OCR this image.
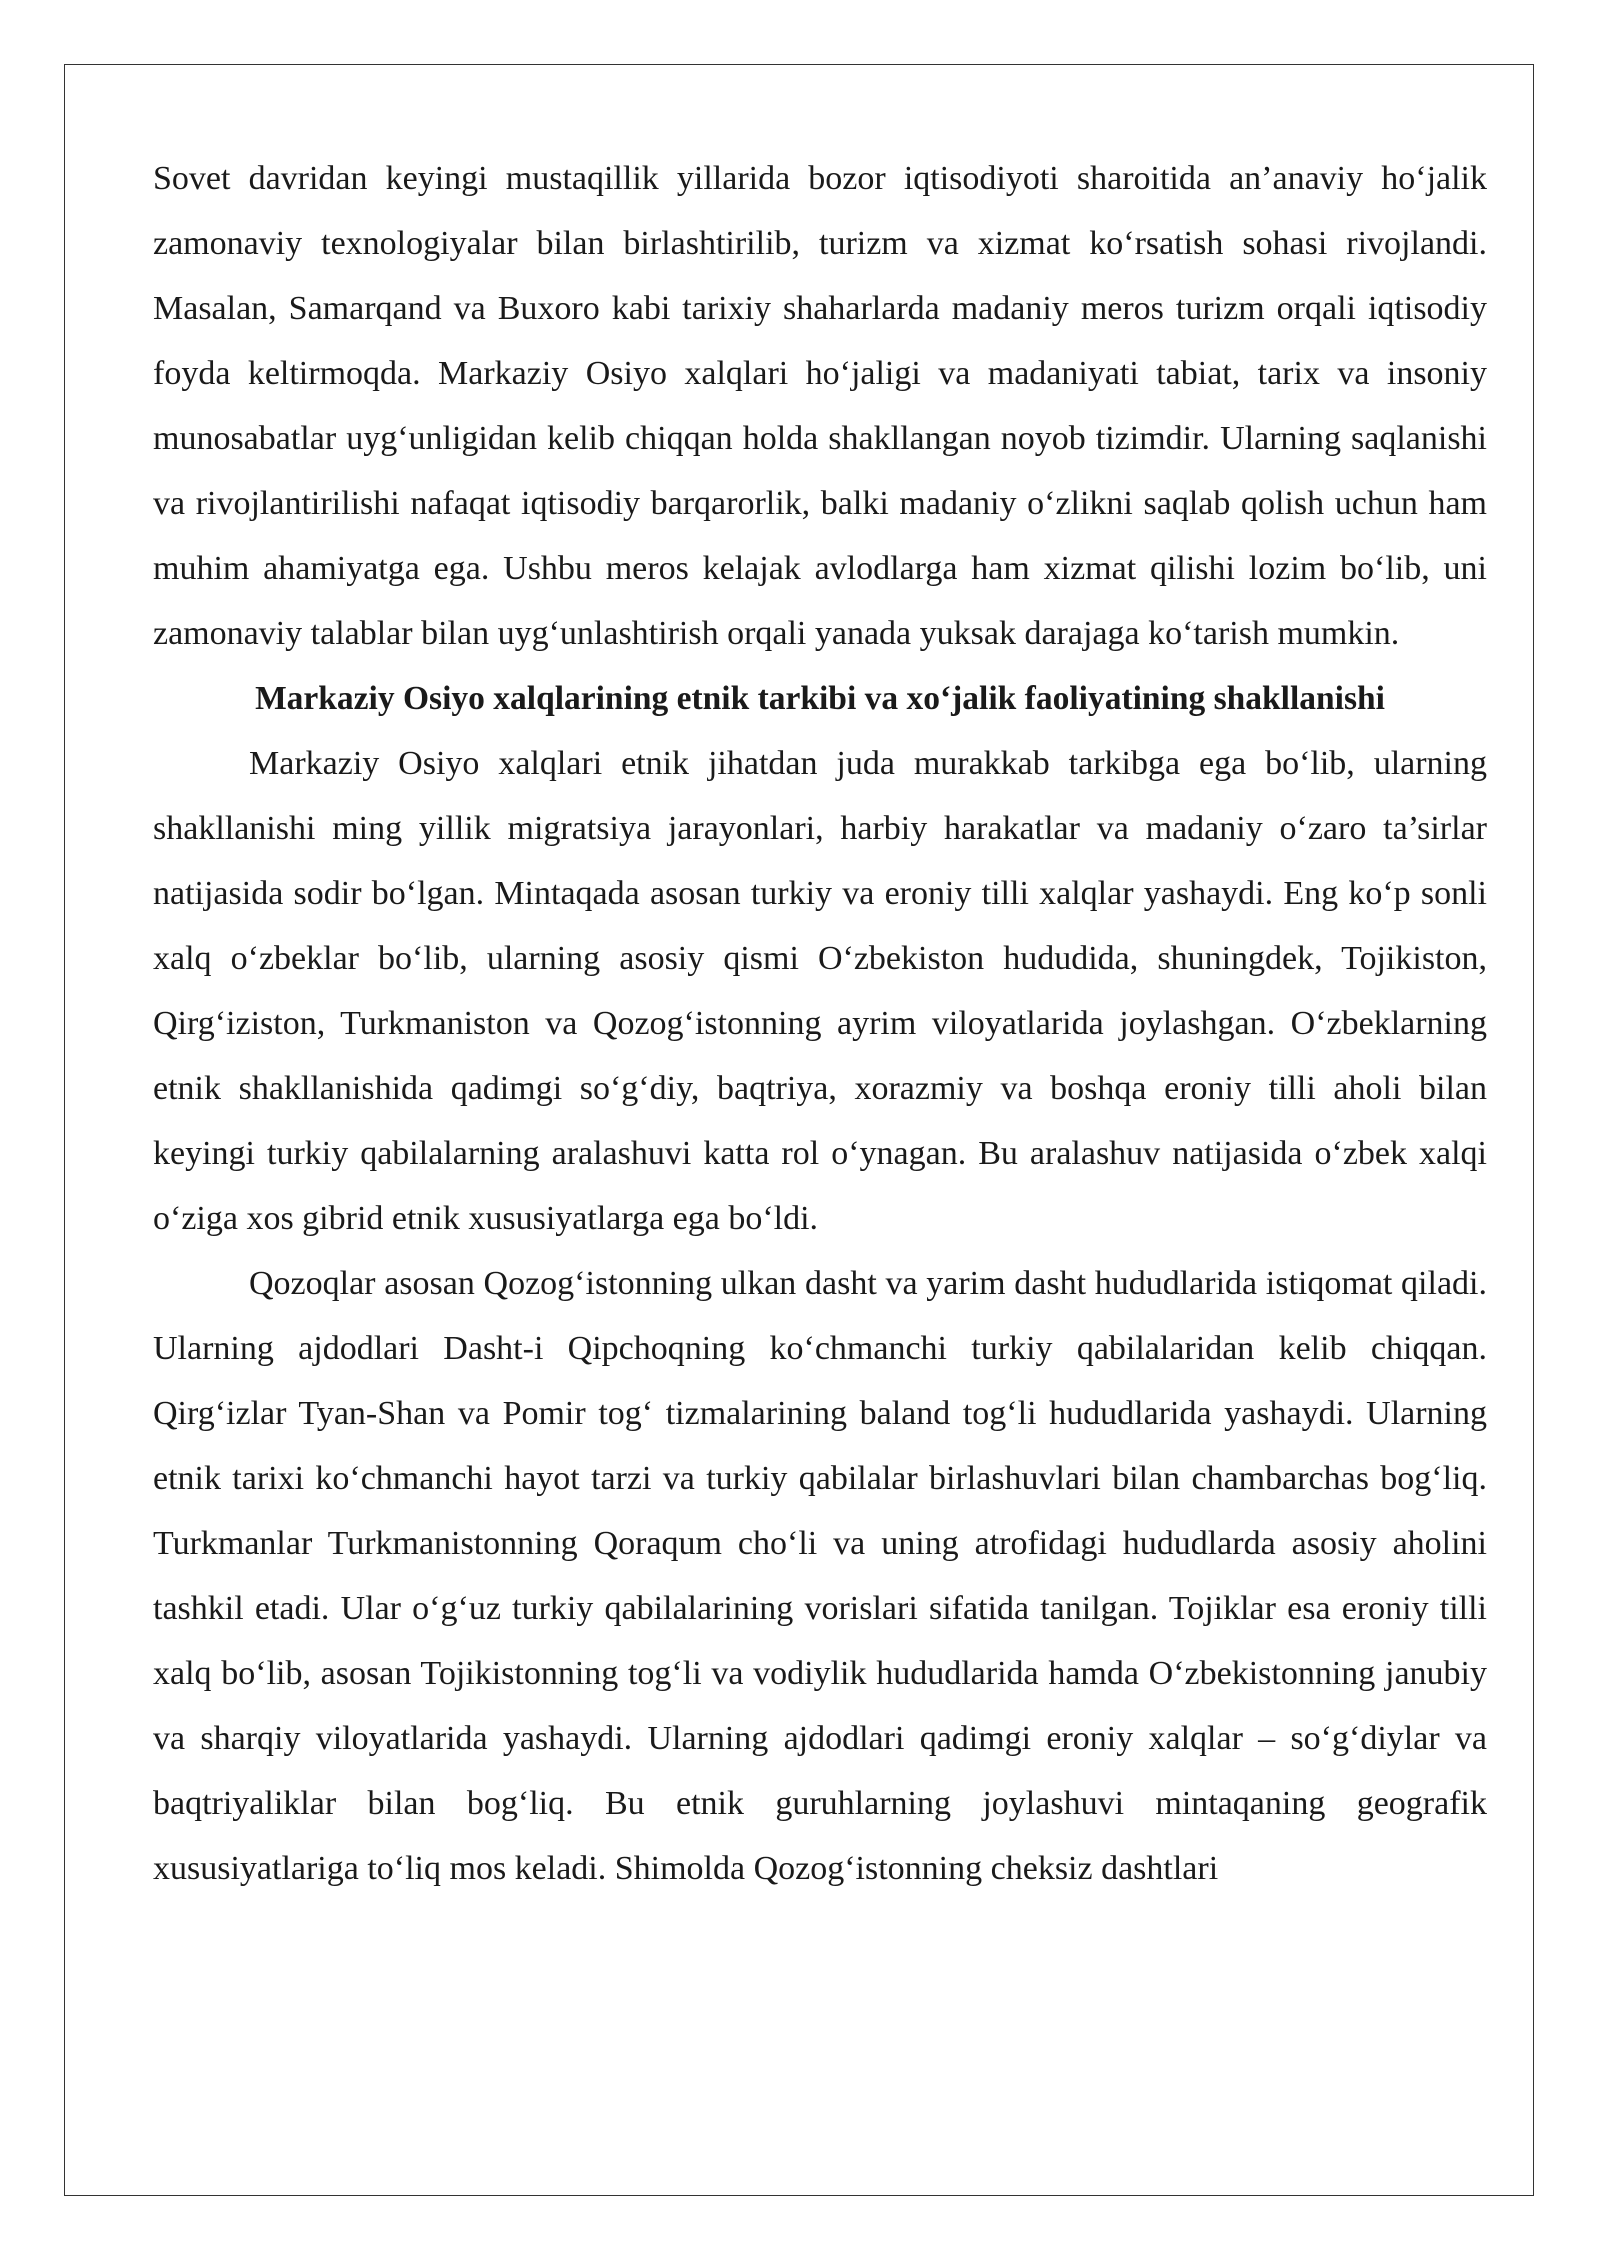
Sovet davridan keyingi mustaqillik yillarida bozor iqtisodiyoti sharoitida an’anaviy ho‘jalik zamonaviy texnologiyalar bilan birlashtirilib, turizm va xizmat ko‘rsatish sohasi rivojlandi. Masalan, Samarqand va Buxoro kabi tarixiy shaharlarda madaniy meros turizm orqali iqtisodiy foyda keltirmoqda. Markaziy Osiyo xalqlari ho‘jaligi va madaniyati tabiat, tarix va insoniy munosabatlar uyg‘unligidan kelib chiqqan holda shakllangan noyob tizimdir. Ularning saqlanishi va rivojlantirilishi nafaqat iqtisodiy barqarorlik, balki madaniy o‘zlikni saqlab qolish uchun ham muhim ahamiyatga ega. Ushbu meros kelajak avlodlarga ham xizmat qilishi lozim bo‘lib, uni zamonaviy talablar bilan uyg‘unlashtirish orqali yanada yuksak darajaga ko‘tarish mumkin.

Markaziy Osiyo xalqlarining etnik tarkibi va xo‘jalik faoliyatining shakllanishi

Markaziy Osiyo xalqlari etnik jihatdan juda murakkab tarkibga ega bo‘lib, ularning shakllanishi ming yillik migratsiya jarayonlari, harbiy harakatlar va madaniy o‘zaro ta’sirlar natijasida sodir bo‘lgan. Mintaqada asosan turkiy va eroniy tilli xalqlar yashaydi. Eng ko‘p sonli xalq o‘zbeklar bo‘lib, ularning asosiy qismi O‘zbekiston hududida, shuningdek, Tojikiston, Qirg‘iziston, Turkmaniston va Qozog‘istonning ayrim viloyatlarida joylashgan. O‘zbeklarning etnik shakllanishida qadimgi so‘g‘diy, baqtriya, xorazmiy va boshqa eroniy tilli aholi bilan keyingi turkiy qabilalarning aralashuvi katta rol o‘ynagan. Bu aralashuv natijasida o‘zbek xalqi o‘ziga xos gibrid etnik xususiyatlarga ega bo‘ldi.

Qozoqlar asosan Qozog‘istonning ulkan dasht va yarim dasht hududlarida istiqomat qiladi. Ularning ajdodlari Dasht-i Qipchoqning ko‘chmanchi turkiy qabilalaridan kelib chiqqan. Qirg‘izlar Tyan-Shan va Pomir tog‘ tizmalarining baland tog‘li hududlarida yashaydi. Ularning etnik tarixi ko‘chmanchi hayot tarzi va turkiy qabilalar birlashuvlari bilan chambarchas bog‘liq. Turkmanlar Turkmanistonning Qoraqum cho‘li va uning atrofidagi hududlarda asosiy aholini tashkil etadi. Ular o‘g‘uz turkiy qabilalarining vorislari sifatida tanilgan. Tojiklar esa eroniy tilli xalq bo‘lib, asosan Tojikistonning tog‘li va vodiylik hududlarida hamda O‘zbekistonning janubiy va sharqiy viloyatlarida yashaydi. Ularning ajdodlari qadimgi eroniy xalqlar – so‘g‘diylar va baqtriyaliklar bilan bog‘liq. Bu etnik guruhlarning joylashuvi mintaqaning geografik xususiyatlariga to‘liq mos keladi. Shimolda Qozog‘istonning cheksiz dashtlari
